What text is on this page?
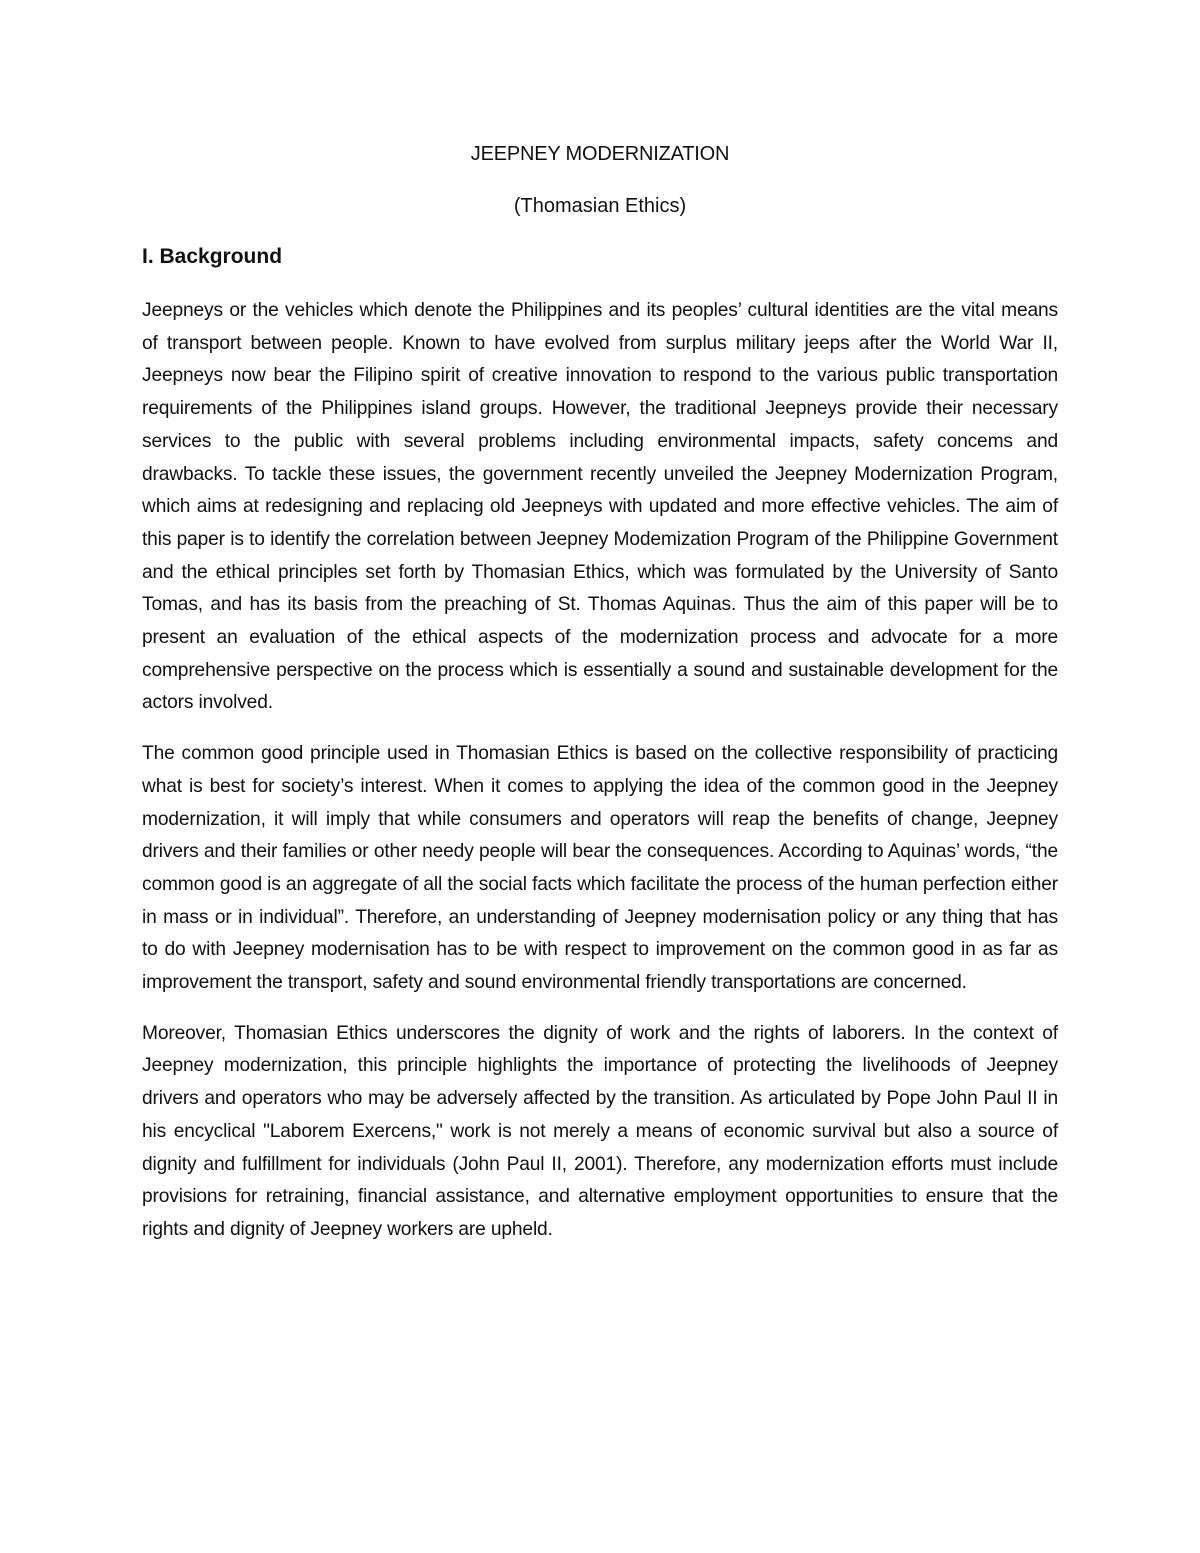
JEEPNEY MODERNIZATION

(Thomasian Ethics)

I. Background

Jeepneys or the vehicles which denote the Philippines and its peoples’ cultural identities are the vital means of transport between people. Known to have evolved from surplus military jeeps after the World War II, Jeepneys now bear the Filipino spirit of creative innovation to respond to the various public transportation requirements of the Philippines island groups. However, the traditional Jeepneys provide their necessary services to the public with several problems including environmental impacts, safety concems and drawbacks. To tackle these issues, the government recently unveiled the Jeepney Modernization Program, which aims at redesigning and replacing old Jeepneys with updated and more effective vehicles. The aim of this paper is to identify the correlation between Jeepney Modemization Program of the Philippine Government and the ethical principles set forth by Thomasian Ethics, which was formulated by the University of Santo Tomas, and has its basis from the preaching of St. Thomas Aquinas. Thus the aim of this paper will be to present an evaluation of the ethical aspects of the modernization process and advocate for a more comprehensive perspective on the process which is essentially a sound and sustainable development for the actors involved.

The common good principle used in Thomasian Ethics is based on the collective responsibility of practicing what is best for society’s interest. When it comes to applying the idea of the common good in the Jeepney modernization, it will imply that while consumers and operators will reap the benefits of change, Jeepney drivers and their families or other needy people will bear the consequences. According to Aquinas’ words, “the common good is an aggregate of all the social facts which facilitate the process of the human perfection either in mass or in individual”. Therefore, an understanding of Jeepney modernisation policy or any thing that has to do with Jeepney modernisation has to be with respect to improvement on the common good in as far as improvement the transport, safety and sound environmental friendly transportations are concerned.

Moreover, Thomasian Ethics underscores the dignity of work and the rights of laborers. In the context of Jeepney modernization, this principle highlights the importance of protecting the livelihoods of Jeepney drivers and operators who may be adversely affected by the transition. As articulated by Pope John Paul II in his encyclical "Laborem Exercens," work is not merely a means of economic survival but also a source of dignity and fulfillment for individuals (John Paul II, 2001). Therefore, any modernization efforts must include provisions for retraining, financial assistance, and alternative employment opportunities to ensure that the rights and dignity of Jeepney workers are upheld.
